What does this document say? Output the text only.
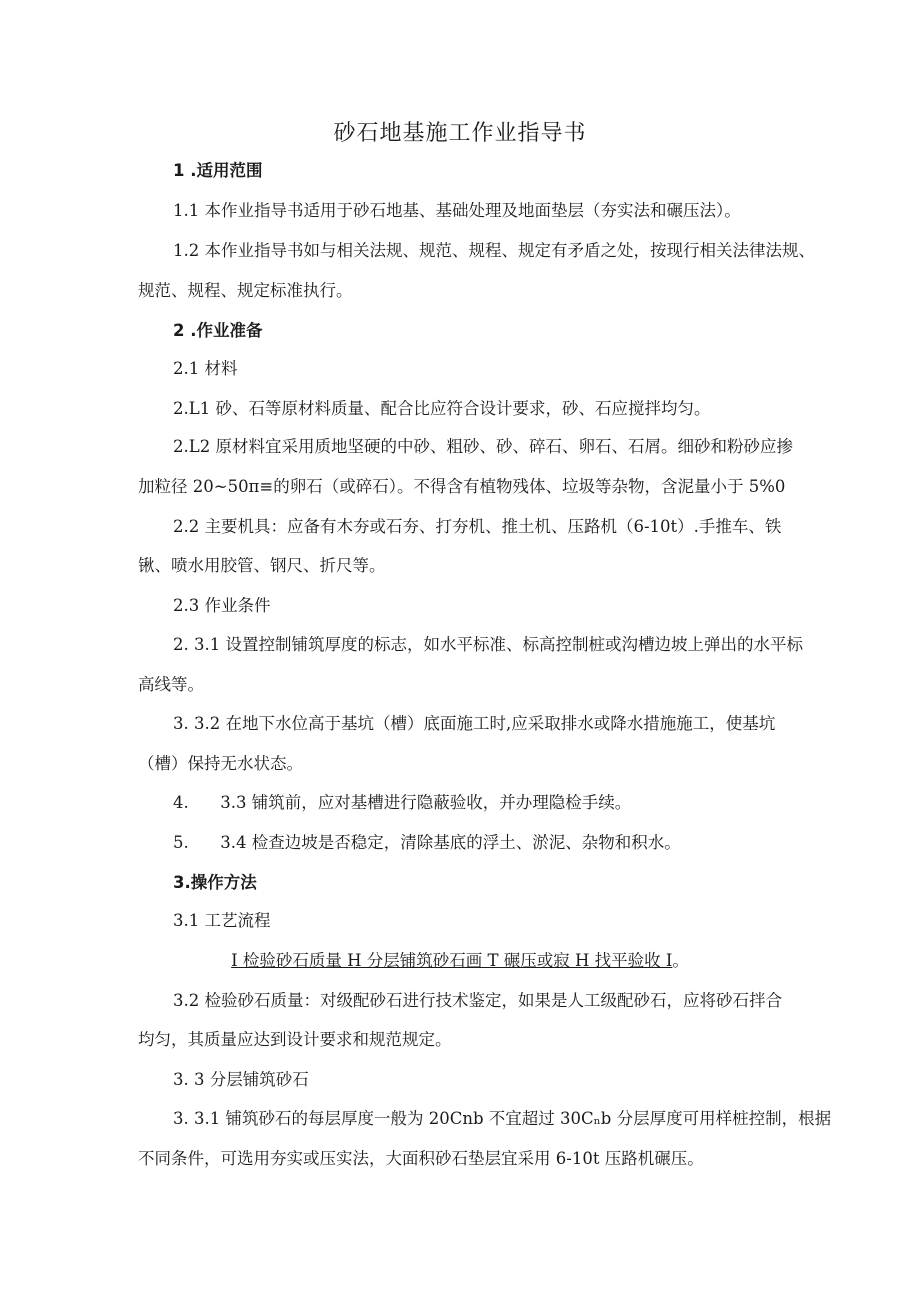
砂石地基施工作业指导书
1 .适用范围
1.1 本作业指导书适用于砂石地基、基础处理及地面垫层（夯实法和碾压法）。
1.2 本作业指导书如与相关法规、规范、规程、规定有矛盾之处，按现行相关法律法规、
规范、规程、规定标准执行。
2 .作业准备
2.1 材料
2.L1 砂、石等原材料质量、配合比应符合设计要求，砂、石应搅拌均匀。
2.L2 原材料宜采用质地坚硬的中砂、粗砂、砂、碎石、卵石、石屑。细砂和粉砂应掺
加粒径 20~50π≡的卵石（或碎石）。不得含有植物残体、垃圾等杂物，含泥量小于 5%0
2.2 主要机具：应备有木夯或石夯、打夯机、推土机、压路机（6-10t）.手推车、铁
锹、喷水用胶管、钢尺、折尺等。
2.3 作业条件
2. 3.1 设置控制铺筑厚度的标志，如水平标准、标高控制桩或沟槽边坡上弹出的水平标
高线等。
3. 3.2 在地下水位高于基坑（槽）底面施工时,应采取排水或降水措施施工，使基坑
（槽）保持无水状态。
4.      3.3 铺筑前，应对基槽进行隐蔽验收，并办理隐检手续。
5.      3.4 检查边坡是否稳定，清除基底的浮土、淤泥、杂物和积水。
3.操作方法
3.1 工艺流程
I 检验砂石质量 H 分层铺筑砂石画 T 碾压或寂 H 找平验收 I。
3.2 检验砂石质量：对级配砂石进行技术鉴定，如果是人工级配砂石，应将砂石拌合
均匀，其质量应达到设计要求和规范规定。
3. 3 分层铺筑砂石
3. 3.1 铺筑砂石的每层厚度一般为 20Cnb 不宜超过 30Cₙb 分层厚度可用样桩控制，根据
不同条件，可选用夯实或压实法，大面积砂石垫层宜采用 6-10t 压路机碾压。
